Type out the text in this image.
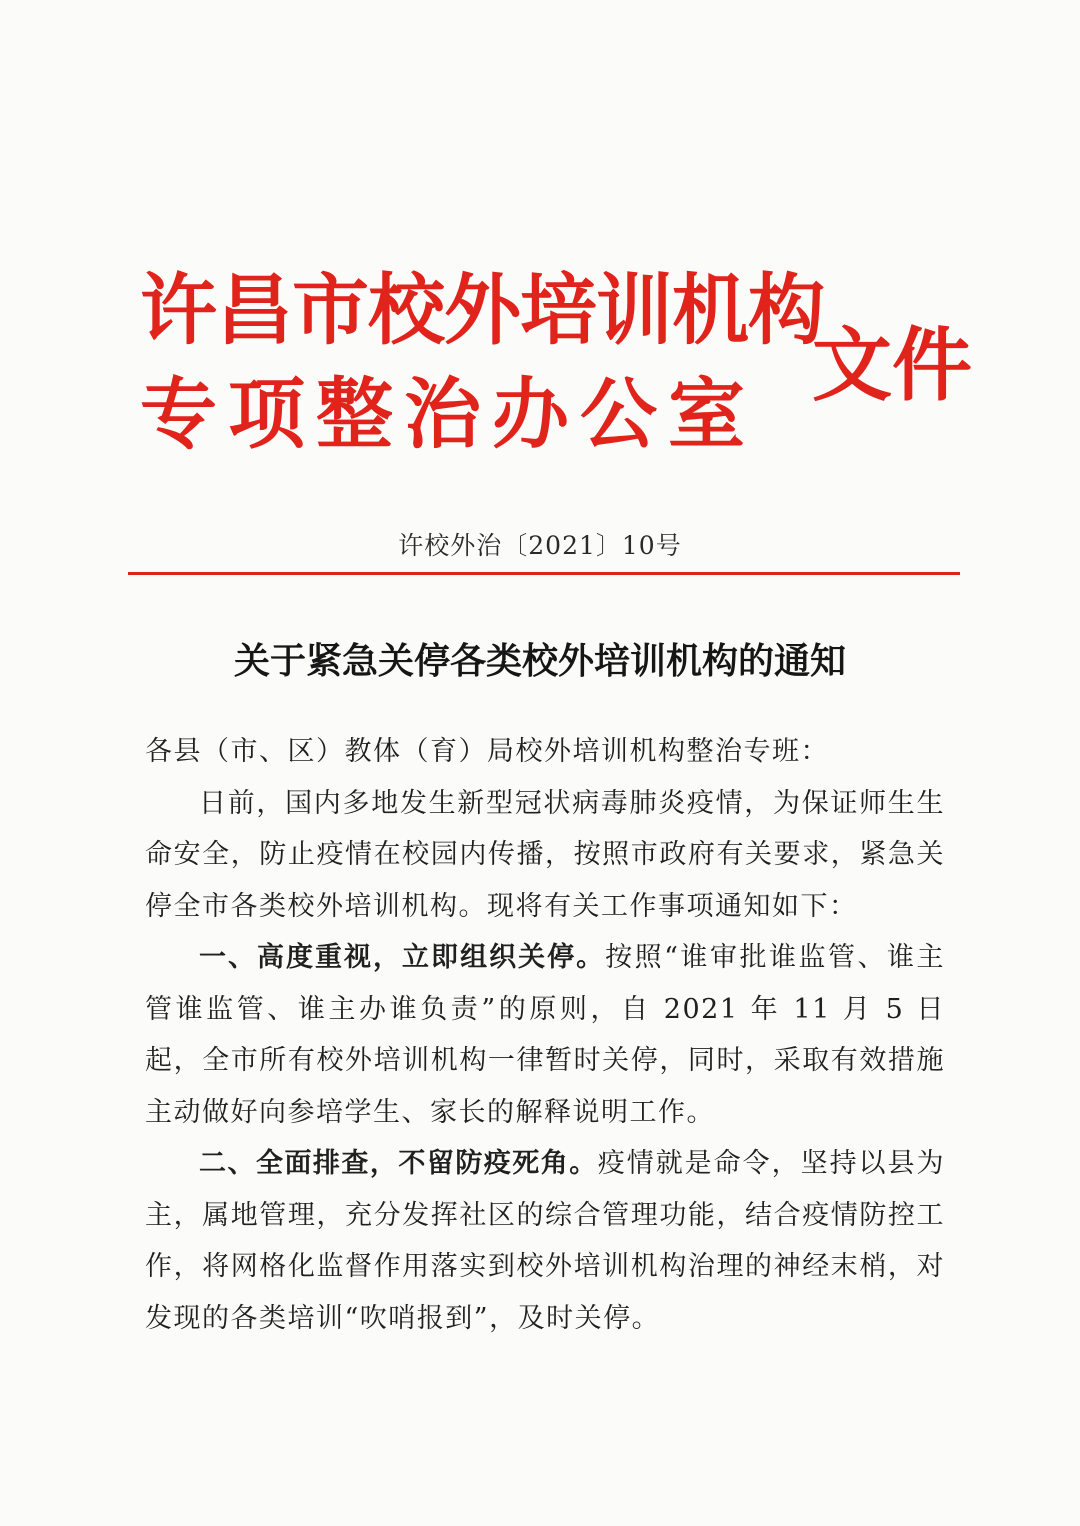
许昌市校外培训机构
专项整治办公室
文件
许校外治〔2021〕10号
关于紧急关停各类校外培训机构的通知

各县（市、区）教体（育）局校外培训机构整治专班：

日前，国内多地发生新型冠状病毒肺炎疫情，为保证师生生命安全，防止疫情在校园内传播，按照市政府有关要求，紧急关停全市各类校外培训机构。现将有关工作事项通知如下：

一、高度重视，立即组织关停。按照“谁审批谁监管、谁主管谁监管、谁主办谁负责”的原则，自 2021 年 11 月 5 日起，全市所有校外培训机构一律暂时关停，同时，采取有效措施主动做好向参培学生、家长的解释说明工作。

二、全面排查，不留防疫死角。疫情就是命令，坚持以县为主，属地管理，充分发挥社区的综合管理功能，结合疫情防控工作，将网格化监督作用落实到校外培训机构治理的神经末梢，对发现的各类培训“吹哨报到”，及时关停。
